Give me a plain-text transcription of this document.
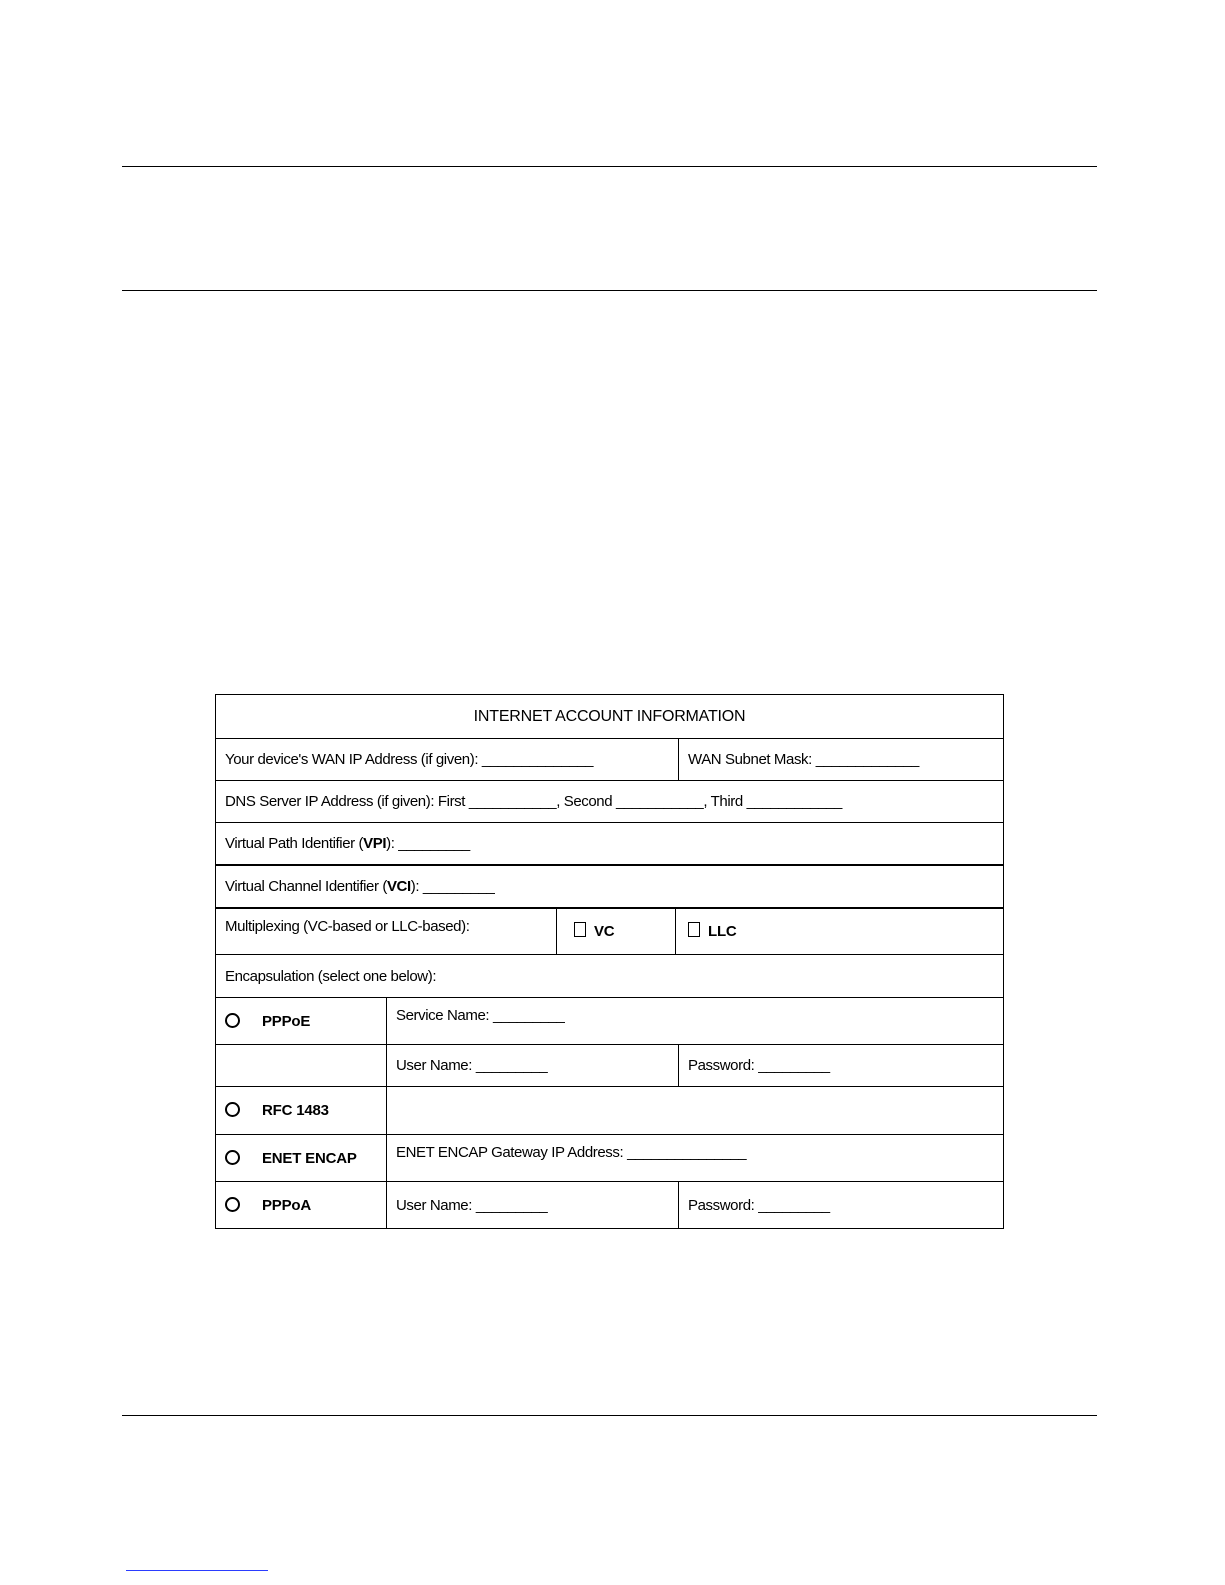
INTERNET ACCOUNT INFORMATION				
Your device's WAN IP Address (if given): ______________				WAN Subnet Mask: _____________
DNS Server IP Address (if given): First ___________, Second ___________, Third ____________				
Virtual Path Identifier (VPI): _________				
Virtual Channel Identifier (VCI): _________				
Multiplexing (VC-based or LLC-based):		VC	LLC	
Encapsulation (select one below):				
PPPoE	Service Name: _________			
	User Name: _________			Password: _________
RFC 1483				
ENET ENCAP	ENET ENCAP Gateway IP Address: _______________			
PPPoA	User Name: _________			Password: _________
